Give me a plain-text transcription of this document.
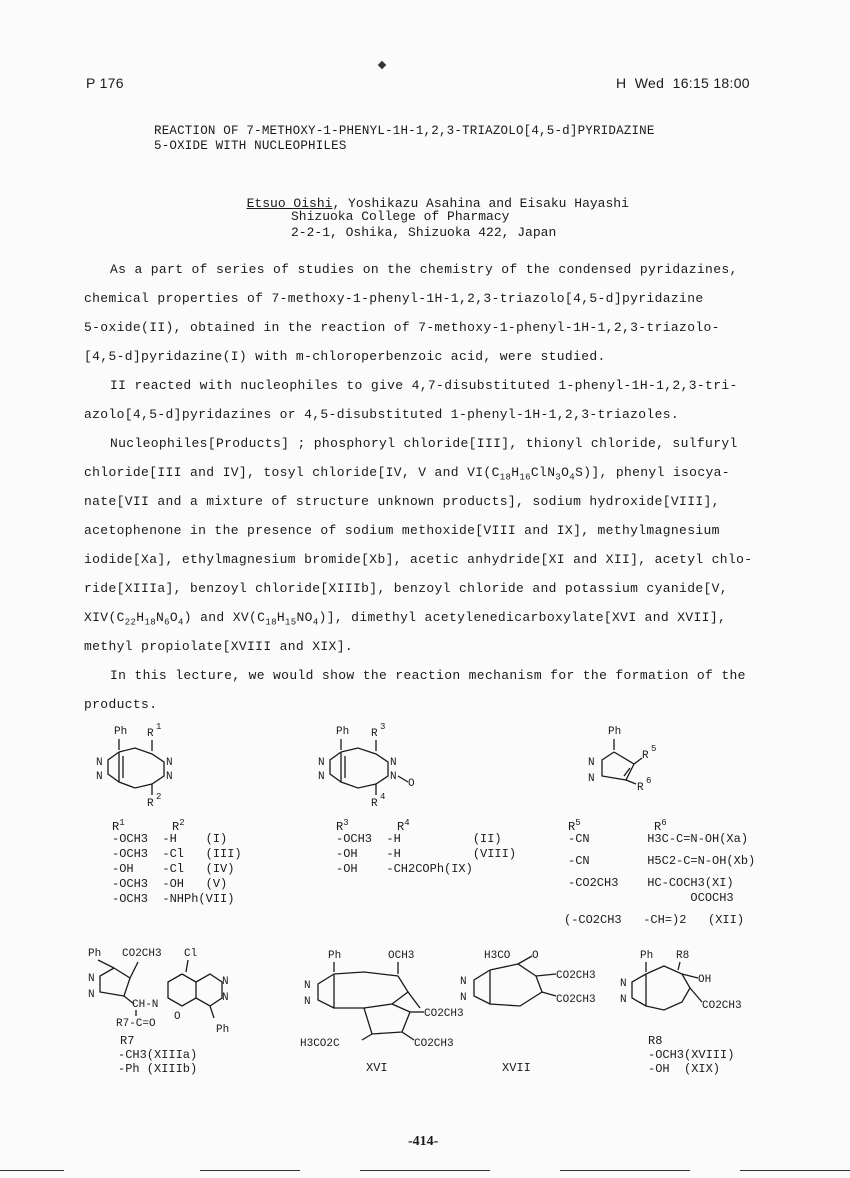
P 176	H  Wed  16:15 18:00
REACTION OF 7-METHOXY-1-PHENYL-1H-1,2,3-TRIAZOLO[4,5-d]PYRIDAZINE
5-OXIDE WITH NUCLEOPHILES

Etsuo Oishi, Yoshikazu Asahina and Eisaku Hayashi

Shizuoka College of Pharmacy
2-2-1, Oshika, Shizuoka 422, Japan
As a part of series of studies on the chemistry of the condensed pyridazines,
chemical properties of 7-methoxy-1-phenyl-1H-1,2,3-triazolo[4,5-d]pyridazine
5-oxide(II), obtained in the reaction of 7-methoxy-1-phenyl-1H-1,2,3-triazolo-
[4,5-d]pyridazine(I) with m-chloroperbenzoic acid, were studied.
II reacted with nucleophiles to give 4,7-disubstituted 1-phenyl-1H-1,2,3-tri-
azolo[4,5-d]pyridazines or 4,5-disubstituted 1-phenyl-1H-1,2,3-triazoles.
Nucleophiles[Products] ; phosphoryl chloride[III], thionyl chloride, sulfuryl
chloride[III and IV], tosyl chloride[IV, V and $VI(C_{18}H_{16}ClN_3O_4S)$], phenyl isocya-
nate[VII and a mixture of structure unknown products], sodium hydroxide[VIII],
acetophenone in the presence of sodium methoxide[VIII and IX], methylmagnesium
iodide[Xa], ethylmagnesium bromide[Xb], acetic anhydride[XI and XII], acetyl chlo-
ride[XIIIa], benzoyl chloride[XIIIb], benzoyl chloride and potassium cyanide[V,
$XIV(C_{22}H_{18}N_6O_4)$ and $XV(C_{18}H_{15}NO_4)$], dimethyl acetylenedicarboxylate[XVI and XVII],
methyl propiolate[XVIII and XIX].
In this lecture, we would show the reaction mechanism for the formation of the
products.
Ph R
1
N
N
N
N
R
2
$R^1$	$R^2$
-OCH3  -H    (I)
-OCH3  -Cl   (III)
-OH    -Cl   (IV)
-OCH3  -OH   (V)
-OCH3  -NHPh(VII)
Ph R
3
N
N
N
N
O
R
4
$R^3$	$R^4$
-OCH3  -H          (II)
-OH    -H          (VIII)
-OH    -CH2COPh(IX)
Ph
N
N
R
5
R
6
$R^5$	$R^6$
-CN        H3C-C=N-OH(Xa)
-CN        H5C2-C=N-OH(Xb)
-CO2CH3    HC-COCH3(XI)
OCOCH3
(-CO2CH3   -CH=)2   (XII)
Ph CO2CH3 Cl
N
N
CH-N
R7-C=O
N
N
O
Ph
R7
-CH3(XIIIa)
-Ph (XIIIb)
Ph	OCH3
N
N
CO2CH3
CO2CH3
H3CO2C
XVI
H3CO O
N
N
CO2CH3
CO2CH3
XVII
Ph R8
N
N
OH
CO2CH3
R8
-OCH3(XVIII)
-OH  (XIX)
-414-
